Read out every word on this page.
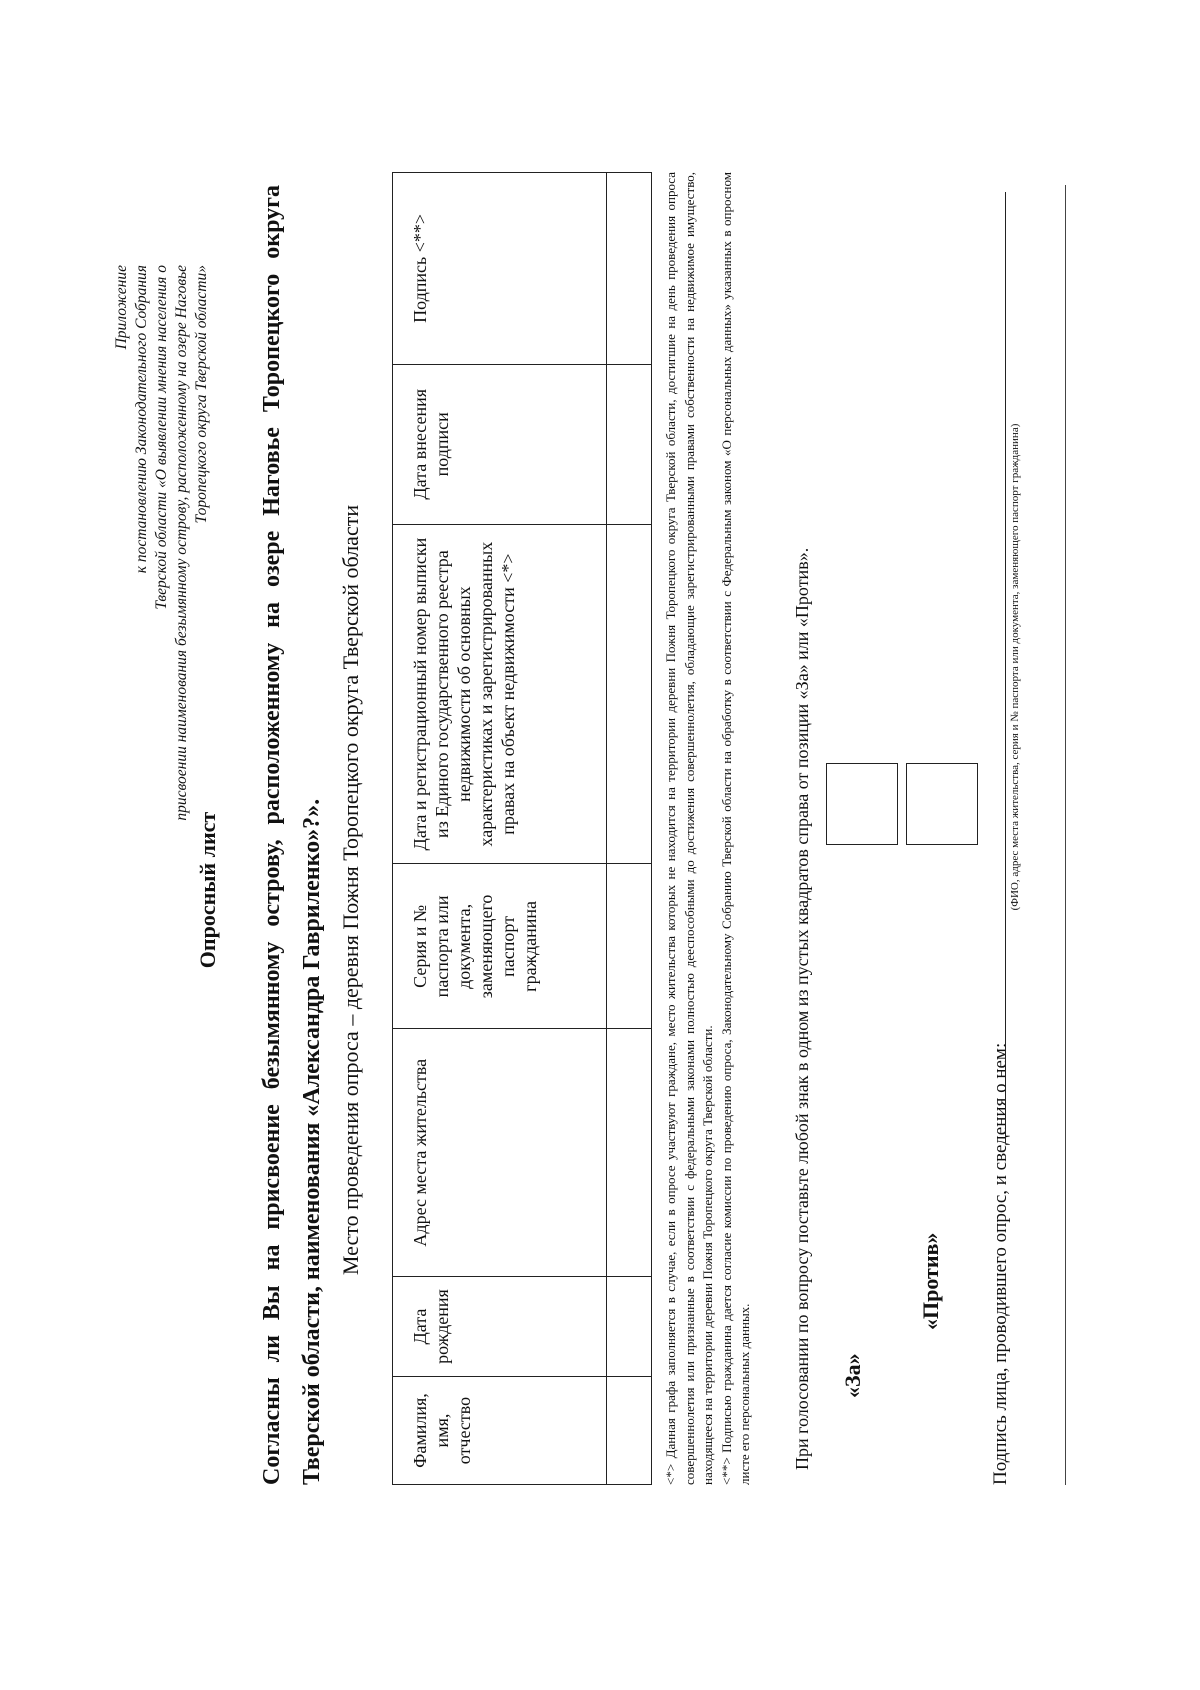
Приложение к постановлению Законодательного Собрания Тверской области «О выявлении мнения населения о присвоении наименования безымянному острову, расположенному на озере Наговье Торопецкого округа Тверской области»
Опросный лист Согласны ли Вы на присвоение безымянному острову, расположенному на озере Наговье Торопецкого округа Тверской области, наименования «Александра Гавриленко»?». Место проведения опроса – деревня Пожня Торопецкого округа Тверской области
Фамилия, имя, отчество	Дата рождения	Адрес места жительства	Серия и № паспорта или документа, заменяющего паспорт гражданина	Дата и регистрационный номер выписки из Единого государственного реестра недвижимости об основных характеристиках и зарегистрированных правах на объект недвижимости <*>	Дата внесения подписи	Подпись <**>
							<*> Данная графа заполняется в случае, если в опросе участвуют граждане, место жительства которых не находится на территории деревни Пожня Торопецкого округа Тверской области, достигшие на день проведения опроса совершеннолетия или признанные в соответствии с федеральными законами полностью дееспособными до достижения совершеннолетия, обладающие зарегистрированными правами собственности на недвижимое имущество, находящееся на территории деревни Пожня Торопецкого округа Тверской области. <**> Подписью гражданина дается согласие комиссии по проведению опроса, Законодательному Собранию Тверской области на обработку в соответствии с Федеральным законом «О персональных данных» указанных в опросном листе его персональных данных. При голосовании по вопросу поставьте любой знак в одном из пустых квадратов справа от позиции «За» или «Против». «За»
«Против» Подпись лица, проводившего опрос, и сведения о нем:
(ФИО, адрес места жительства, серия и № паспорта или документа, заменяющего паспорт гражданина)
